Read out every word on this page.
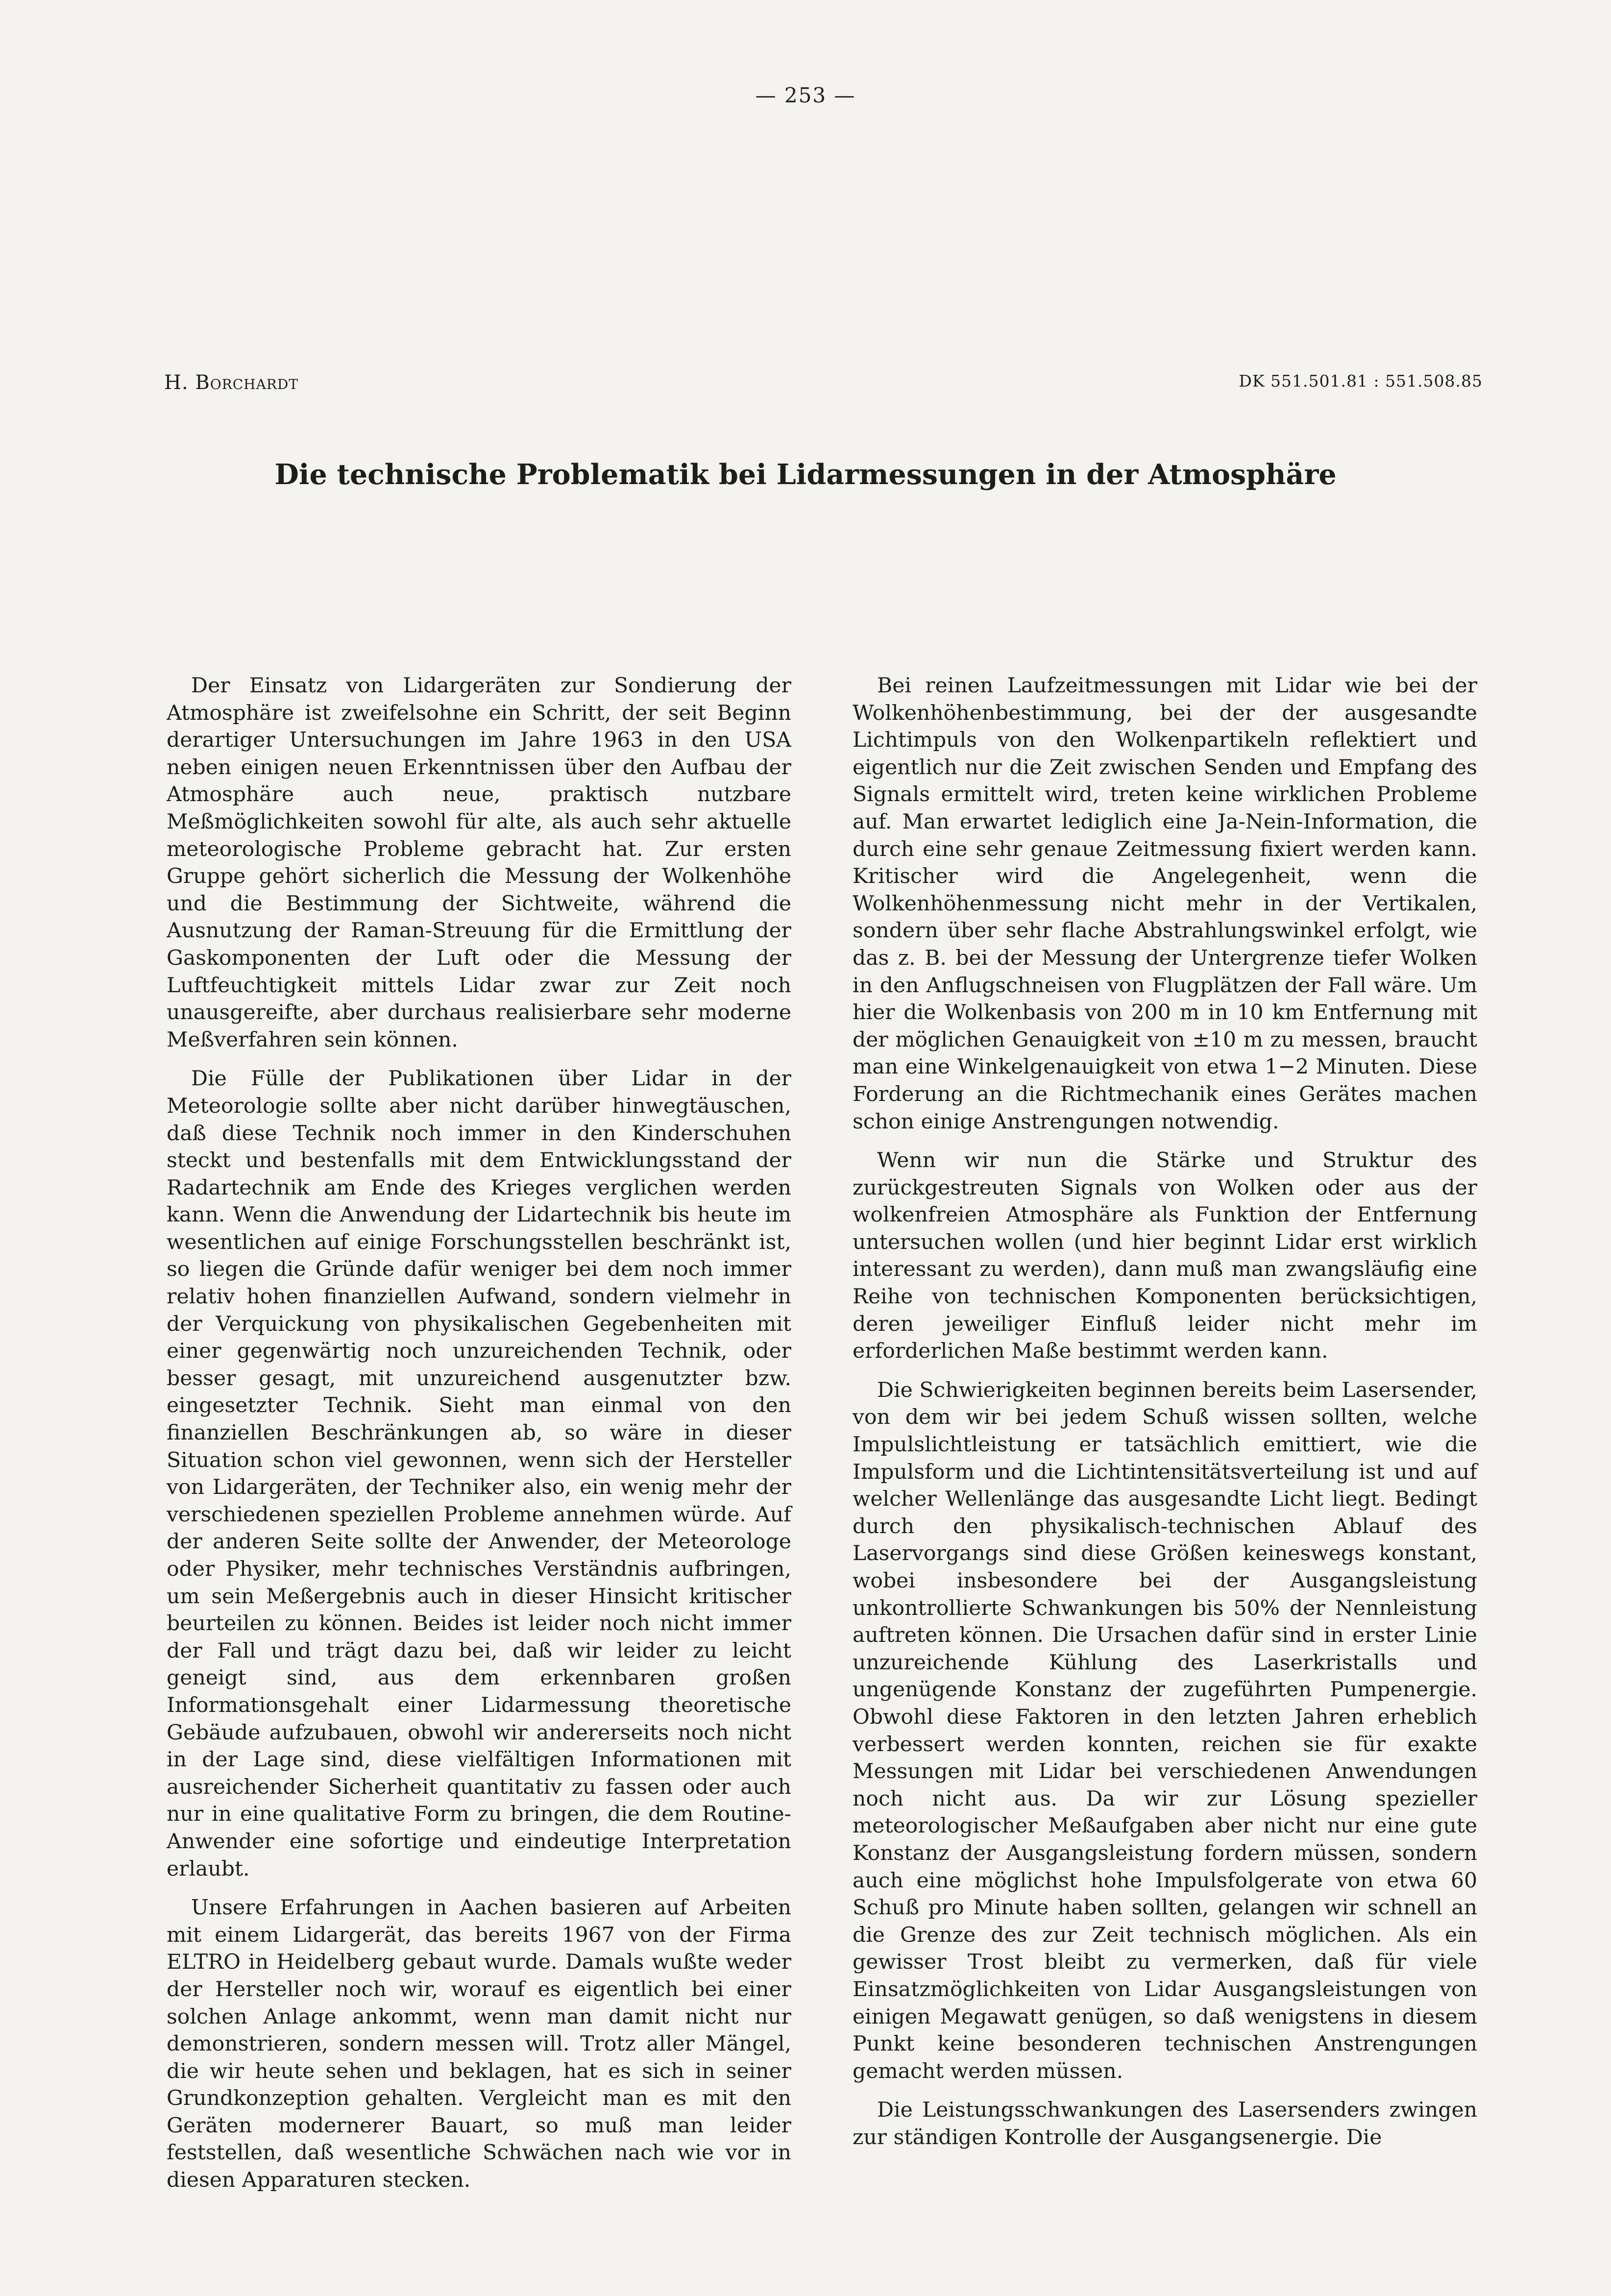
— 253 —
H. Borchardt	DK 551.501.81 : 551.508.85
Die technische Problematik bei Lidarmessungen in der Atmosphäre

Der Einsatz von Lidargeräten zur Sondierung der Atmosphäre ist zweifelsohne ein Schritt, der seit Beginn derartiger Untersuchungen im Jahre 1963 in den USA neben einigen neuen Erkenntnissen über den Aufbau der Atmosphäre auch neue, praktisch nutzbare Meßmöglichkeiten sowohl für alte, als auch sehr aktuelle meteorologische Probleme gebracht hat. Zur ersten Gruppe gehört sicherlich die Messung der Wolkenhöhe und die Bestimmung der Sichtweite, während die Ausnutzung der Raman-Streuung für die Ermittlung der Gaskomponenten der Luft oder die Messung der Luftfeuchtigkeit mittels Lidar zwar zur Zeit noch unausgereifte, aber durchaus realisierbare sehr moderne Meßverfahren sein können.

Die Fülle der Publikationen über Lidar in der Meteorologie sollte aber nicht darüber hinwegtäuschen, daß diese Technik noch immer in den Kinderschuhen steckt und bestenfalls mit dem Entwicklungsstand der Radartechnik am Ende des Krieges verglichen werden kann. Wenn die Anwendung der Lidartechnik bis heute im wesentlichen auf einige Forschungsstellen beschränkt ist, so liegen die Gründe dafür weniger bei dem noch immer relativ hohen finanziellen Aufwand, sondern vielmehr in der Verquickung von physikalischen Gegebenheiten mit einer gegenwärtig noch unzureichenden Technik, oder besser gesagt, mit unzureichend ausgenutzter bzw. eingesetzter Technik. Sieht man einmal von den finanziellen Beschränkungen ab, so wäre in dieser Situation schon viel gewonnen, wenn sich der Hersteller von Lidargeräten, der Techniker also, ein wenig mehr der verschiedenen speziellen Probleme annehmen würde. Auf der anderen Seite sollte der Anwender, der Meteorologe oder Physiker, mehr technisches Verständnis aufbringen, um sein Meßergebnis auch in dieser Hinsicht kritischer beurteilen zu können. Beides ist leider noch nicht immer der Fall und trägt dazu bei, daß wir leider zu leicht geneigt sind, aus dem erkennbaren großen Informationsgehalt einer Lidarmessung theoretische Gebäude aufzubauen, obwohl wir andererseits noch nicht in der Lage sind, diese vielfältigen Informationen mit ausreichender Sicherheit quantitativ zu fassen oder auch nur in eine qualitative Form zu bringen, die dem Routine-Anwender eine sofortige und eindeutige Interpretation erlaubt.

Unsere Erfahrungen in Aachen basieren auf Arbeiten mit einem Lidargerät, das bereits 1967 von der Firma ELTRO in Heidelberg gebaut wurde. Damals wußte weder der Hersteller noch wir, worauf es eigentlich bei einer solchen Anlage ankommt, wenn man damit nicht nur demonstrieren, sondern messen will. Trotz aller Mängel, die wir heute sehen und beklagen, hat es sich in seiner Grundkonzeption gehalten. Vergleicht man es mit den Geräten modernerer Bauart, so muß man leider feststellen, daß wesentliche Schwächen nach wie vor in diesen Apparaturen stecken.

Bei reinen Laufzeitmessungen mit Lidar wie bei der Wolkenhöhenbestimmung, bei der der ausgesandte Lichtimpuls von den Wolkenpartikeln reflektiert und eigentlich nur die Zeit zwischen Senden und Empfang des Signals ermittelt wird, treten keine wirklichen Probleme auf. Man erwartet lediglich eine Ja-Nein-Information, die durch eine sehr genaue Zeitmessung fixiert werden kann. Kritischer wird die Angelegenheit, wenn die Wolkenhöhenmessung nicht mehr in der Vertikalen, sondern über sehr flache Abstrahlungswinkel erfolgt, wie das z. B. bei der Messung der Untergrenze tiefer Wolken in den Anflugschneisen von Flugplätzen der Fall wäre. Um hier die Wolkenbasis von 200 m in 10 km Entfernung mit der möglichen Genauigkeit von ±10 m zu messen, braucht man eine Winkelgenauigkeit von etwa 1−2 Minuten. Diese Forderung an die Richtmechanik eines Gerätes machen schon einige Anstrengungen notwendig.

Wenn wir nun die Stärke und Struktur des zurückgestreuten Signals von Wolken oder aus der wolkenfreien Atmosphäre als Funktion der Entfernung untersuchen wollen (und hier beginnt Lidar erst wirklich interessant zu werden), dann muß man zwangsläufig eine Reihe von technischen Komponenten berücksichtigen, deren jeweiliger Einfluß leider nicht mehr im erforderlichen Maße bestimmt werden kann.

Die Schwierigkeiten beginnen bereits beim Lasersender, von dem wir bei jedem Schuß wissen sollten, welche Impulslichtleistung er tatsächlich emittiert, wie die Impulsform und die Lichtintensitätsverteilung ist und auf welcher Wellenlänge das ausgesandte Licht liegt. Bedingt durch den physikalisch-technischen Ablauf des Laservorgangs sind diese Größen keineswegs konstant, wobei insbesondere bei der Ausgangsleistung unkontrollierte Schwankungen bis 50% der Nennleistung auftreten können. Die Ursachen dafür sind in erster Linie unzureichende Kühlung des Laserkristalls und ungenügende Konstanz der zugeführten Pumpenergie. Obwohl diese Faktoren in den letzten Jahren erheblich verbessert werden konnten, reichen sie für exakte Messungen mit Lidar bei verschiedenen Anwendungen noch nicht aus. Da wir zur Lösung spezieller meteorologischer Meßaufgaben aber nicht nur eine gute Konstanz der Ausgangsleistung fordern müssen, sondern auch eine möglichst hohe Impulsfolgerate von etwa 60 Schuß pro Minute haben sollten, gelangen wir schnell an die Grenze des zur Zeit technisch möglichen. Als ein gewisser Trost bleibt zu vermerken, daß für viele Einsatzmöglichkeiten von Lidar Ausgangsleistungen von einigen Megawatt genügen, so daß wenigstens in diesem Punkt keine besonderen technischen Anstrengungen gemacht werden müssen.

Die Leistungsschwankungen des Lasersenders zwingen zur ständigen Kontrolle der Ausgangsenergie. Die
